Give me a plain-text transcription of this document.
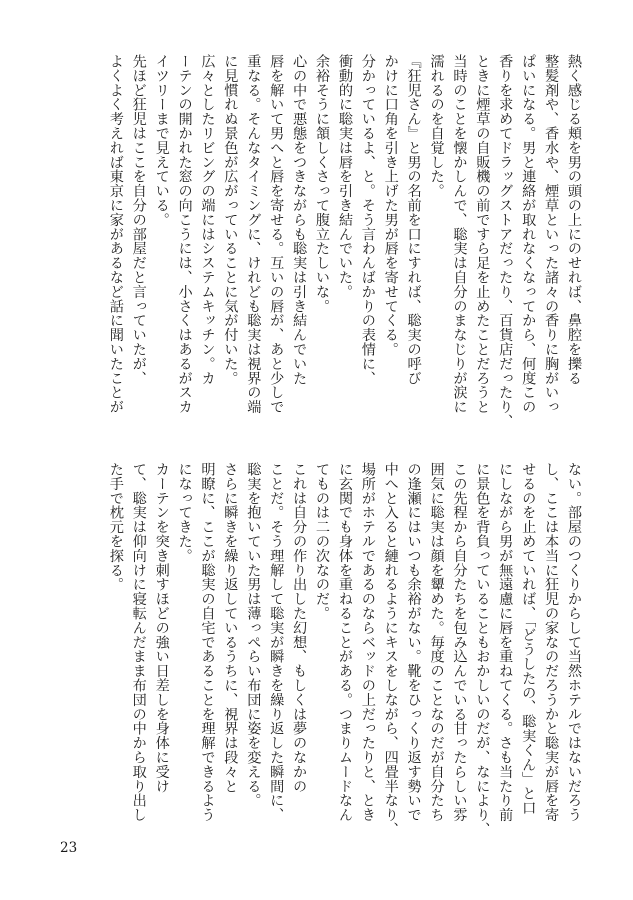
熱く感じる頬を男の頭の上にのせれば、鼻腔を擽る
整髪剤や、香水や、煙草といった諸々の香りに胸がいっ
ぱいになる。男と連絡が取れなくなってから、何度この
香りを求めてドラッグストアだったり、百貨店だったり、
ときに煙草の自販機の前ですら足を止めたことだろうと
当時のことを懐かしんで、聡実は自分のまなじりが涙に
濡れるのを自覚した。
『狂児さん』と男の名前を口にすれば、聡実の呼び
かけに口角を引き上げた男が唇を寄せてくる。
分かっているよ、と。そう言わんばかりの表情に、
衝動的に聡実は唇を引き結んでいた。
余裕そうに頷しくさって腹立たしいな。
心の中で悪態をつきながらも聡実は引き結んでいた
唇を解いて男へと唇を寄せる。互いの唇が、あと少しで
重なる。そんなタイミングに、けれども聡実は視界の端
に見慣れぬ景色が広がっていることに気が付いた。
広々としたリビングの端にはシステムキッチン。カ
ーテンの開かれた窓の向こうには、小さくはあるがスカ
イツリーまで見えている。
先ほど狂児はここを自分の部屋だと言っていたが、
よくよく考えれば東京に家があるなど話に聞いたことが
ない。部屋のつくりからして当然ホテルではないだろう
し、ここは本当に狂児の家なのだろうかと聡実が唇を寄
せるのを止めていれば、「どうしたの、聡実くん」と口
にしながら男が無遠慮に唇を重ねてくる。さも当たり前
に景色を背負っていることもおかしいのだが、なにより、
この先程から自分たちを包み込んでいる甘ったらしい雰
囲気に聡実は顔を顰めた。毎度のことなのだが自分たち
の逢瀬にはいつも余裕がない。靴をひっくり返す勢いで
中へと入ると縺れるようにキスをしながら、四畳半なり、
場所がホテルであるのならベッドの上だったりと、とき
に玄関でも身体を重ねることがある。つまりムードなん
てものは二の次なのだ。
これは自分の作り出した幻想、もしくは夢のなかの
ことだ。そう理解して聡実が瞬きを繰り返した瞬間に、
聡実を抱いていた男は薄っぺらい布団に姿を変える。
さらに瞬きを繰り返しているうちに、視界は段々と
明瞭に、ここが聡実の自宅であることを理解できるよう
になってきた。
カーテンを突き刺すほどの強い日差しを身体に受け
て、聡実は仰向けに寝転んだまま布団の中から取り出し
た手で枕元を探る。
23
